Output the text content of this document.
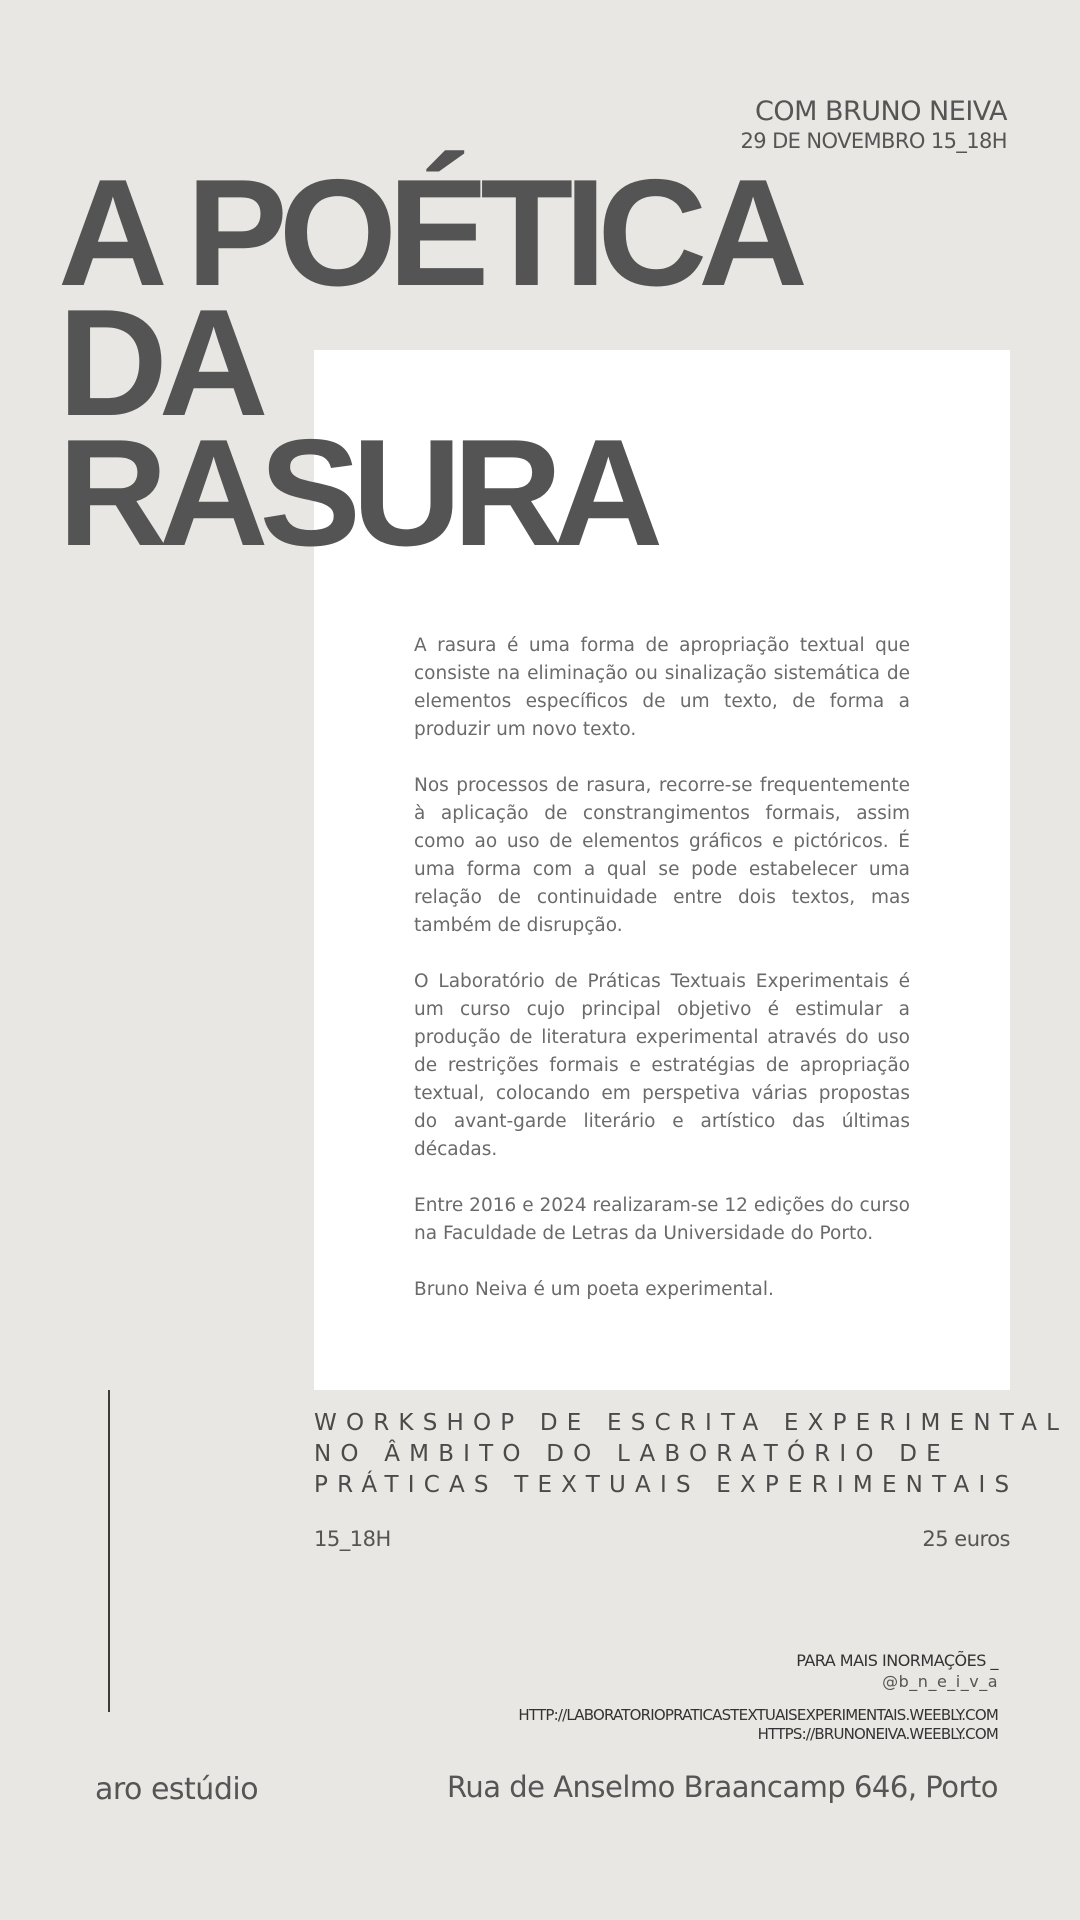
COM BRUNO NEIVA
29 DE NOVEMBRO 15_18H
A POÉTICA
DA
RASURA

A rasura é uma forma de apropriação textual que consiste na eliminação ou sinalização sistemática de elementos específicos de um texto, de forma a produzir um novo texto.

Nos processos de rasura, recorre-se frequentemente à aplicação de constrangimentos formais, assim como ao uso de elementos gráficos e pictóricos. É uma forma com a qual se pode estabelecer uma relação de continuidade entre dois textos, mas também de disrupção.

O Laboratório de Práticas Textuais Experimentais é um curso cujo principal objetivo é estimular a produção de literatura experimental através do uso de restrições formais e estratégias de apropriação textual, colocando em perspetiva várias propostas do avant-garde literário e artístico das últimas décadas.

Entre 2016 e 2024 realizaram-se 12 edições do curso na Faculdade de Letras da Universidade do Porto.

Bruno Neiva é um poeta experimental.

WORKSHOP DE ESCRITA EXPERIMENTAL
NO ÂMBITO DO LABORATÓRIO DE
PRÁTICAS TEXTUAIS EXPERIMENTAIS
15_18H	25 euros
PARA MAIS INORMAÇÕES _
@b_n_e_i_v_a
HTTP://LABORATORIOPRATICASTEXTUAISEXPERIMENTAIS.WEEBLY.COM
HTTPS://BRUNONEIVA.WEEBLY.COM
aro estúdio	Rua de Anselmo Braancamp 646, Porto
